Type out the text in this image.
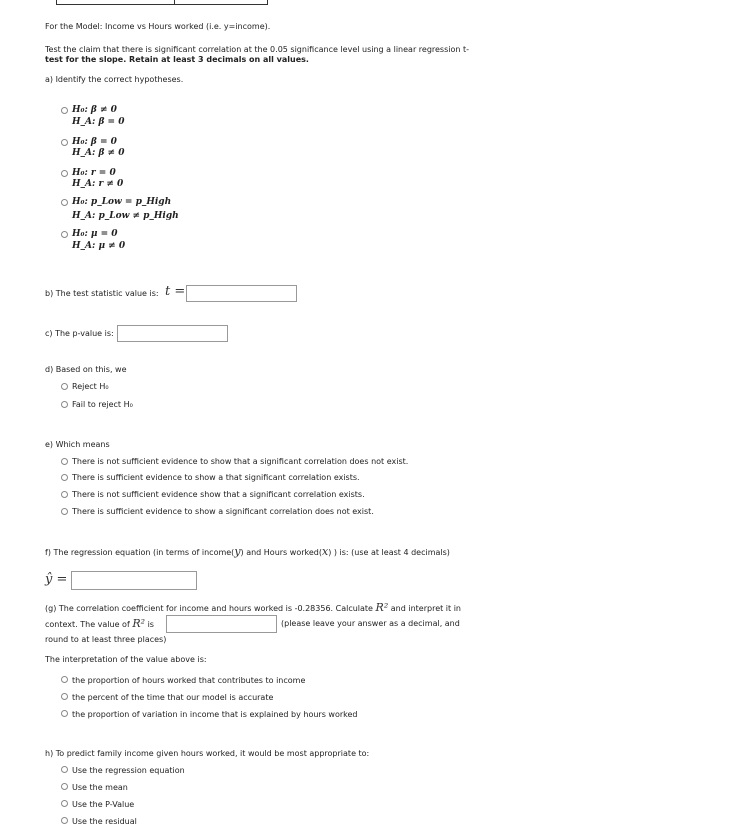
For the Model: Income vs Hours worked (i.e. y=income).
Test the claim that there is significant correlation at the 0.05 significance level using a linear regression t-
test for the slope. Retain at least 3 decimals on all values.
a) Identify the correct hypotheses.
H₀: β ≠ 0
H_A: β = 0
H₀: β = 0
H_A: β ≠ 0
H₀: r = 0
H_A: r ≠ 0
H₀: p_Low = p_High
H_A: p_Low ≠ p_High
H₀: μ = 0
H_A: μ ≠ 0
b) The test statistic value is: t =
c) The p-value is:
d) Based on this, we
Reject H₀
Fail to reject H₀
e) Which means
There is not sufficient evidence to show that a significant correlation does not exist.
There is sufficient evidence to show a that significant correlation exists.
There is not sufficient evidence show that a significant correlation exists.
There is sufficient evidence to show a significant correlation does not exist.
f) The regression equation (in terms of income(y) and Hours worked(x) ) is: (use at least 4 decimals)
ŷ =
(g) The correlation coefficient for income and hours worked is -0.28356. Calculate R² and interpret it in
context. The value of R² is	(please leave your answer as a decimal, and
round to at least three places)
The interpretation of the value above is:
the proportion of hours worked that contributes to income
the percent of the time that our model is accurate
the proportion of variation in income that is explained by hours worked
h) To predict family income given hours worked, it would be most appropriate to:
Use the regression equation
Use the mean
Use the P-Value
Use the residual
